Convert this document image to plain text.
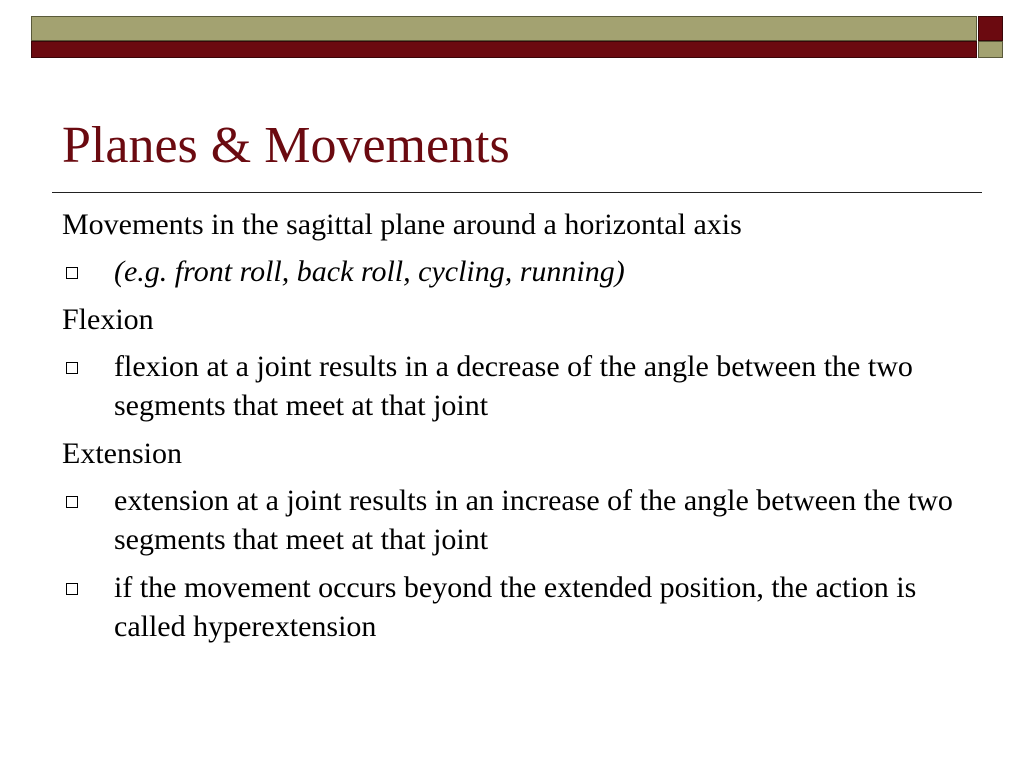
Planes & Movements

Movements in the sagittal plane around a horizontal axis

(e.g. front roll, back roll, cycling, running)

Flexion

flexion at a joint results in a decrease of the angle between the two segments that meet at that joint

Extension

extension at a joint results in an increase of the angle between the two segments that meet at that joint
if the movement occurs beyond the extended position, the action is called hyperextension
